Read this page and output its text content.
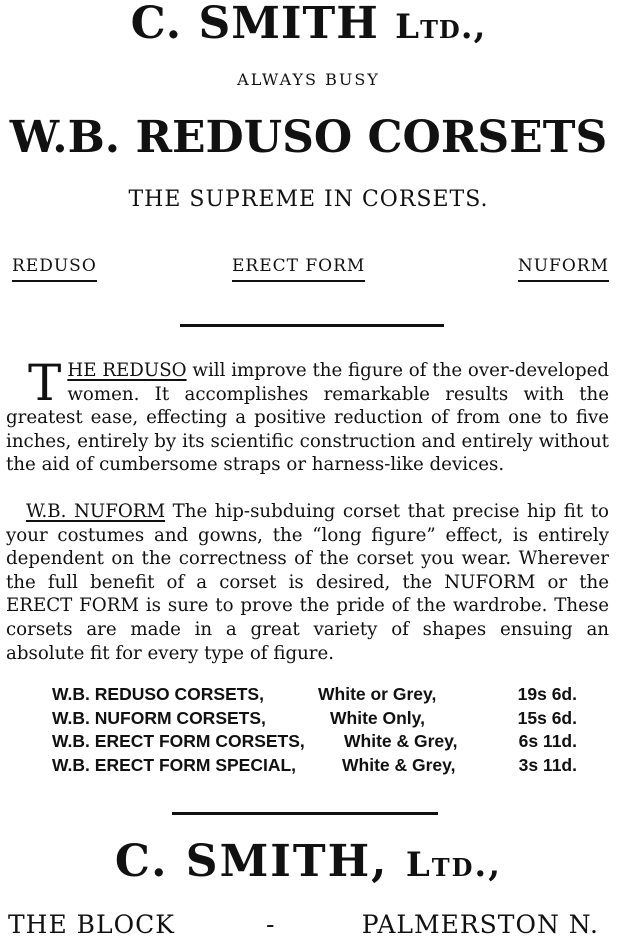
C. SMITH Ltd.,
ALWAYS BUSY
W.B. REDUSO CORSETS
THE SUPREME IN CORSETS.
REDUSO	ERECT FORM	NUFORM
THE REDUSO will improve the figure of the over-developed women. It accomplishes remarkable results with the greatest ease, effecting a positive reduction of from one to five inches, entirely by its scientific construction and entirely without the aid of cumbersome straps or harness-like devices.
W.B. NUFORM The hip-subduing corset that precise hip fit to your costumes and gowns, the “long figure” effect, is entirely dependent on the correctness of the corset you wear. Wherever the full benefit of a corset is desired, the NUFORM or the ERECT FORM is sure to prove the pride of the wardrobe. These corsets are made in a great variety of shapes ensuing an absolute fit for every type of figure.
W.B. REDUSO CORSETS,	White or Grey,	19s 6d.
W.B. NUFORM CORSETS,	White Only,	15s 6d.
W.B. ERECT FORM CORSETS, White & Grey,	6s 11d.
W.B. ERECT FORM SPECIAL,	White & Grey,	3s 11d.
C. SMITH, Ltd.,
THE BLOCK	-	PALMERSTON N.
